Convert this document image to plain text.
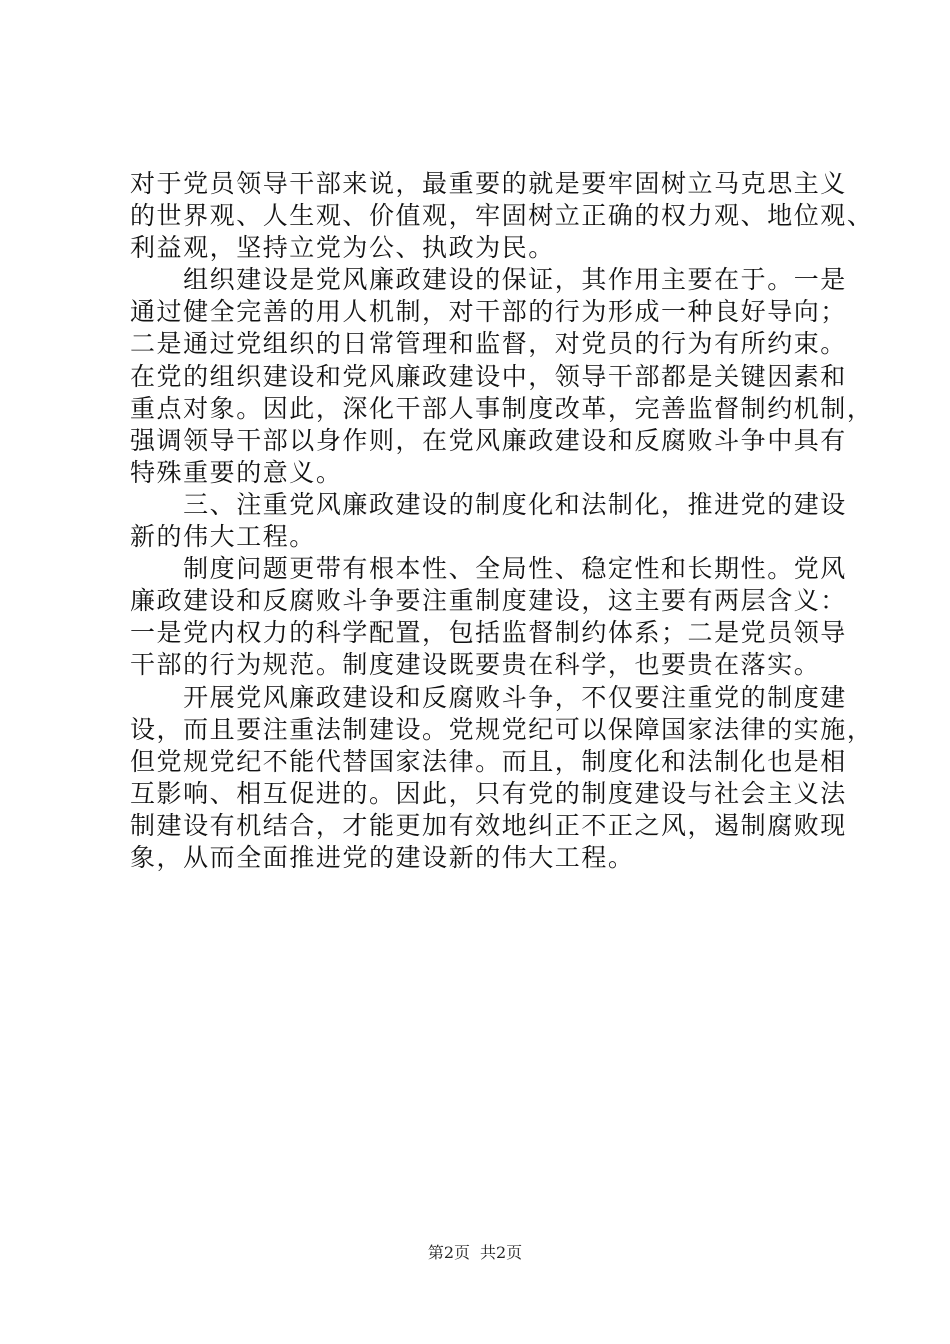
对于党员领导干部来说，最重要的就是要牢固树立马克思主义
的世界观、人生观、价值观，牢固树立正确的权力观、地位观、
利益观，坚持立党为公、执政为民。
　　组织建设是党风廉政建设的保证，其作用主要在于。一是
通过健全完善的用人机制，对干部的行为形成一种良好导向；
二是通过党组织的日常管理和监督，对党员的行为有所约束。
在党的组织建设和党风廉政建设中，领导干部都是关键因素和
重点对象。因此，深化干部人事制度改革，完善监督制约机制，
强调领导干部以身作则，在党风廉政建设和反腐败斗争中具有
特殊重要的意义。
　　三、注重党风廉政建设的制度化和法制化，推进党的建设
新的伟大工程。
　　制度问题更带有根本性、全局性、稳定性和长期性。党风
廉政建设和反腐败斗争要注重制度建设，这主要有两层含义：
一是党内权力的科学配置，包括监督制约体系；二是党员领导
干部的行为规范。制度建设既要贵在科学，也要贵在落实。
　　开展党风廉政建设和反腐败斗争，不仅要注重党的制度建
设，而且要注重法制建设。党规党纪可以保障国家法律的实施，
但党规党纪不能代替国家法律。而且，制度化和法制化也是相
互影响、相互促进的。因此，只有党的制度建设与社会主义法
制建设有机结合，才能更加有效地纠正不正之风，遏制腐败现
象，从而全面推进党的建设新的伟大工程。
第2页 共2页
